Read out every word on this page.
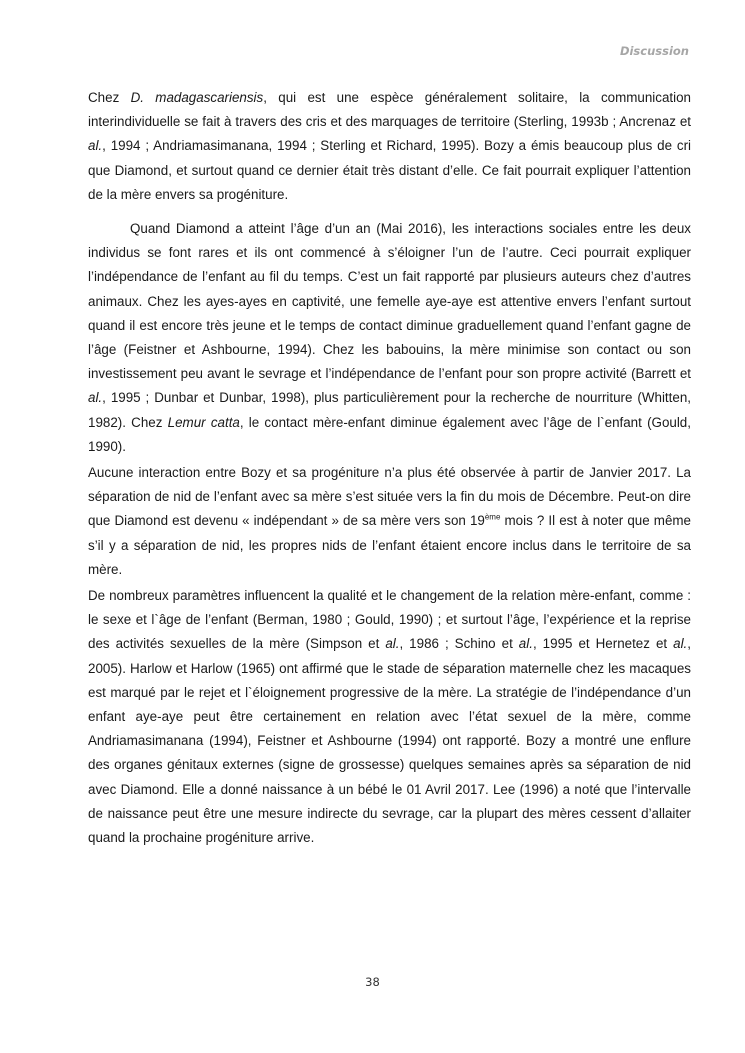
Discussion

Chez D. madagascariensis, qui est une espèce généralement solitaire, la communication interindividuelle se fait à travers des cris et des marquages de territoire (Sterling, 1993b ; Ancrenaz et al., 1994 ; Andriamasimanana, 1994 ; Sterling et Richard, 1995). Bozy a émis beaucoup plus de cri que Diamond, et surtout quand ce dernier était très distant d’elle. Ce fait pourrait expliquer l’attention de la mère envers sa progéniture.

Quand Diamond a atteint l’âge d’un an (Mai 2016), les interactions sociales entre les deux individus se font rares et ils ont commencé à s’éloigner l’un de l’autre. Ceci pourrait expliquer l’indépendance de l’enfant au fil du temps. C’est un fait rapporté par plusieurs auteurs chez d’autres animaux. Chez les ayes-ayes en captivité, une femelle aye-aye est attentive envers l’enfant surtout quand il est encore très jeune et le temps de contact diminue graduellement quand l’enfant gagne de l’âge (Feistner et Ashbourne, 1994). Chez les babouins, la mère minimise son contact ou son investissement peu avant le sevrage et l’indépendance de l’enfant pour son propre activité (Barrett et al., 1995 ; Dunbar et Dunbar, 1998), plus particulièrement pour la recherche de nourriture (Whitten, 1982). Chez Lemur catta, le contact mère-enfant diminue également avec l’âge de l`enfant (Gould, 1990).

Aucune interaction entre Bozy et sa progéniture n’a plus été observée à partir de Janvier 2017. La séparation de nid de l’enfant avec sa mère s’est située vers la fin du mois de Décembre. Peut-on dire que Diamond est devenu « indépendant » de sa mère vers son 19ème mois ? Il est à noter que même s’il y a séparation de nid, les propres nids de l’enfant étaient encore inclus dans le territoire de sa mère.

De nombreux paramètres influencent la qualité et le changement de la relation mère-enfant, comme : le sexe et l`âge de l’enfant (Berman, 1980 ; Gould, 1990) ; et surtout l’âge, l’expérience et la reprise des activités sexuelles de la mère (Simpson et al., 1986 ; Schino et al., 1995 et Hernetez et al., 2005). Harlow et Harlow (1965) ont affirmé que le stade de séparation maternelle chez les macaques est marqué par le rejet et l`éloignement progressive de la mère. La stratégie de l’indépendance d’un enfant aye-aye peut être certainement en relation avec l’état sexuel de la mère, comme Andriamasimanana (1994), Feistner et Ashbourne (1994) ont rapporté. Bozy a montré une enflure des organes génitaux externes (signe de grossesse) quelques semaines après sa séparation de nid avec Diamond. Elle a donné naissance à un bébé le 01 Avril 2017. Lee (1996) a noté que l’intervalle de naissance peut être une mesure indirecte du sevrage, car la plupart des mères cessent d’allaiter quand la prochaine progéniture arrive.

38
